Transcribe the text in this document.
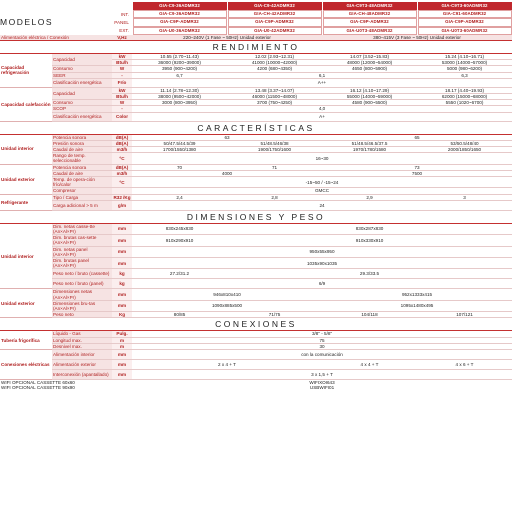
		GIA-C9-36ADMR32	GIA-C9-42ADMR32	GIA-C9T3-48ADMR32	GIA-C9T3-60ADMR32

	INT.	GIA-C9-36ADMR32	GIA-CH-42ADMR32	GIA-CH-48ADMR32	GIA-C91-60ADMR32

MODELOS	PANEL	GIA-C9P-ADMR32	GIA-C9P-ADMR32	GIA-C9P-ADMR32	GIA-C9P-ADMR32

	EXT.	GIA-U0-36ADMR32	GIA-U0-42ADMR32	GIA-U0T3-48ADMR32	GIA-U0T3-60ADMR32
Alimentación eléctrica / Conexión		V,Hz	220–240V (1 Fase ~ 50Hz) Unidad exterior		380–415V (3 Fase ~ 50Hz) Unidad exterior	
RENDIMIENTO						
Capacidad refrigeración	Capacidad	kW	10.55 (2.70~11.43)	12.02 (2.93~12.31)	14.07 (3.52~15.83)	15.24 (4.10~16.71)
		Btu/h	36000 (9200~39000)	41000 (10000~42000)	48000 (12000~54000)	53000 (14000~57000)
	Consumo	W	3950 (900~4200)	4200 (680~4350)	4650 (800~5900)	5000 (980~6200)
	SEER	-	6,7	6,1		6,3
	Clasificación energética	Frío	A++			
Capacidad calefacción	Capacidad	kW	11.14 (2.78~12.30)	13.48 (3.37~14.07)	16.12 (4.10~17.29)	18.17 (4.40~19.93)
		Btu/h	38000 (9500~42000)	46000 (11500~48000)	55000 (14000~59000)	62000 (15000~68000)
	Consumo	W	3000 (800~3950)	3700 (750~4250)	4580 (900~5500)	5550 (1020~6700)
	SCOP	-	4,0			
	Clasificación energética	Color	A+			
CARACTERÍSTICAS						
Unidad interior	Potencia sonora	dB(A)	63		65	
	Presión sonora	dB(A)	50/47.5/44.5/39	51/48.5/46/38	51/48.5/46.5/37.5	53/50.5/48/40
	Caudal de aire	m3/h	1700/1550/1380	1900/1750/1600	1970/1780/1580	2000/1850/1650
	Rango de temp. seleccionable	ºC	16~30			
Unidad exterior	Potencia sonora	dB(A)	70	71	73	
	Caudal de aire	m3/h	4000		7500	
	Temp. de opera-ción frío/calor	ºC	-15~50 / -15~24			
	Compresor		GMCC			
Refrigerante	Tipo / Carga	R32 /Kg	2,4	2,8	2,9	3
	Carga adicional > 5 m	g/m	24			
DIMENSIONES Y PESO						
Unidad interior	Dim. netas casse-tte (An×Al×Pr)	mm	830x245x830	830x287x830		
	Dim. brutas cas-sette (An×Al×Pr)	mm	910x290x910	910x330x910		
	Dim. netas panel (An×Al×Pr)	mm	950x55x950			
	Dim. brutas panel (An×Al×Pr)	mm	1035x90x1035			
	Peso neto / bruto (cassette)	kg	27.2/31.2	29.3/33.5		
	Peso neto / bruto (panel)	kg	6/9			
Unidad exterior	Dimensiones netas (An×Al×Pr)	mm	946x810x410		952x1333x415	
	Dimensiones bru-tas (An×Al×Pr)	mm	1090x885x500		1095x1480x495	
	Peso neto	Kg	80/85	71/75	104/118	107/121
CONEXIONES						
Tubería frigorífica	Líquido - Gas	Pulg.	3/8" - 5/8"			
	Longitud max.	m	75			
	Desnivel max.	m	30			
Conexiones eléctricas	Alimentación interior	mm	con la comunicación			
	Alimentación exterior	mm	2 x 4 + T		4 x 4 + T	4 x 6 + T
	Interconexión (apantallado)	mm	3 x 1,5 + T			
WIFI OPCIONAL CASSETTE 60x60			WIFIXOI643			
WIFI OPCIONAL CASSETTE 90x90			USBWIFI01			
